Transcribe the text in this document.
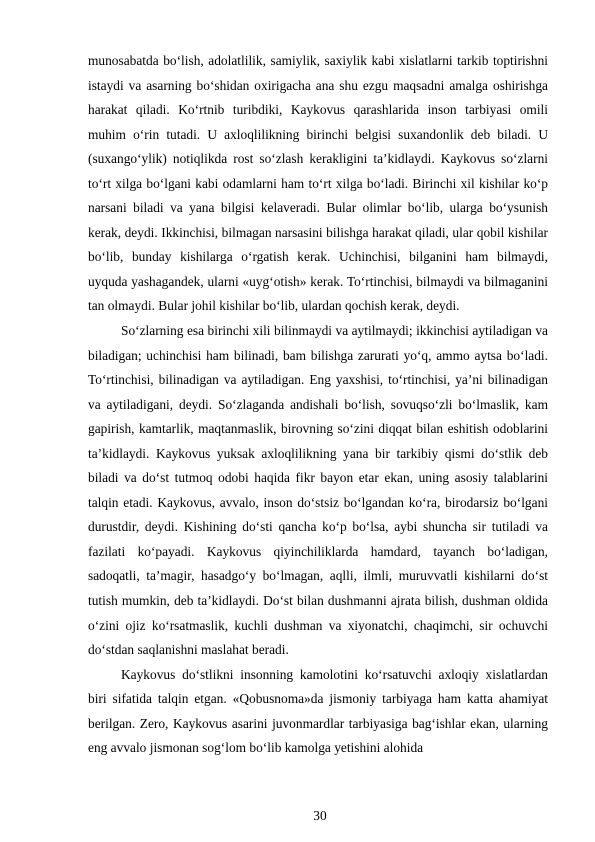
munosabatda bo‘lish, adolatlilik, samiylik, saxiylik kabi xislatlarni tarkib toptirishni istaydi va asarning bo‘shidan oxirigacha ana shu ezgu maqsadni amalga oshirishga harakat qiladi. Ko‘rtnib turibdiki, Kaykovus qarashlarida inson tarbiyasi omili muhim o‘rin tutadi. U axloqlilikning birinchi belgisi suxandonlik deb biladi. U (suxango‘ylik) notiqlikda rost so‘zlash kerakligini ta’kidlaydi. Kaykovus so‘zlarni to‘rt xilga bo‘lgani kabi odamlarni ham to‘rt xilga bo‘ladi. Birinchi xil kishilar ko‘p narsani biladi va yana bilgisi kelaveradi. Bular olimlar bo‘lib, ularga bo‘ysunish kerak, deydi. Ikkinchisi, bilmagan narsasini bilishga harakat qiladi, ular qobil kishilar bo‘lib, bunday kishilarga o‘rgatish kerak. Uchinchisi, bilganini ham bilmaydi, uyquda yashagandek, ularni «uyg‘otish» kerak. To‘rtinchisi, bilmaydi va bilmaganini tan olmaydi. Bular johil kishilar bo‘lib, ulardan qochish kerak, deydi.

So‘zlarning esa birinchi xili bilinmaydi va aytilmaydi; ikkinchisi aytiladigan va biladigan; uchinchisi ham bilinadi, bam bilishga zarurati yo‘q, ammo aytsa bo‘ladi. To‘rtinchisi, bilinadigan va aytiladigan. Eng yaxshisi, to‘rtinchisi, ya’ni bilinadigan va aytiladigani, deydi. So‘zlaganda andishali bo‘lish, sovuqso‘zli bo‘lmaslik, kam gapirish, kamtarlik, maqtanmaslik, birovning so‘zini diqqat bilan eshitish odoblarini ta’kidlaydi. Kaykovus yuksak axloqlilikning yana bir tarkibiy qismi do‘stlik deb biladi va do‘st tutmoq odobi haqida fikr bayon etar ekan, uning asosiy talablarini talqin etadi. Kaykovus, avvalo, inson do‘stsiz bo‘lgandan ko‘ra, birodarsiz bo‘lgani durustdir, deydi. Kishining do‘sti qancha ko‘p bo‘lsa, aybi shuncha sir tutiladi va fazilati ko‘payadi. Kaykovus qiyinchiliklarda hamdard, tayanch bo‘ladigan, sadoqatli, ta’magir, hasadgo‘y bo‘lmagan, aqlli, ilmli, muruvvatli kishilarni do‘st tutish mumkin, deb ta’kidlaydi. Do‘st bilan dushmanni ajrata bilish, dushman oldida o‘zini ojiz ko‘rsatmaslik, kuchli dushman va xiyonatchi, chaqimchi, sir ochuvchi do‘stdan saqlanishni maslahat beradi.

Kaykovus do‘stlikni insonning kamolotini ko‘rsatuvchi axloqiy xislatlardan biri sifatida talqin etgan. «Qobusnoma»da jismoniy tarbiyaga ham katta ahamiyat berilgan. Zero, Kaykovus asarini juvonmardlar tarbiyasiga bag‘ishlar ekan, ularning eng avvalo jismonan sog‘lom bo‘lib kamolga yetishini alohida

30
